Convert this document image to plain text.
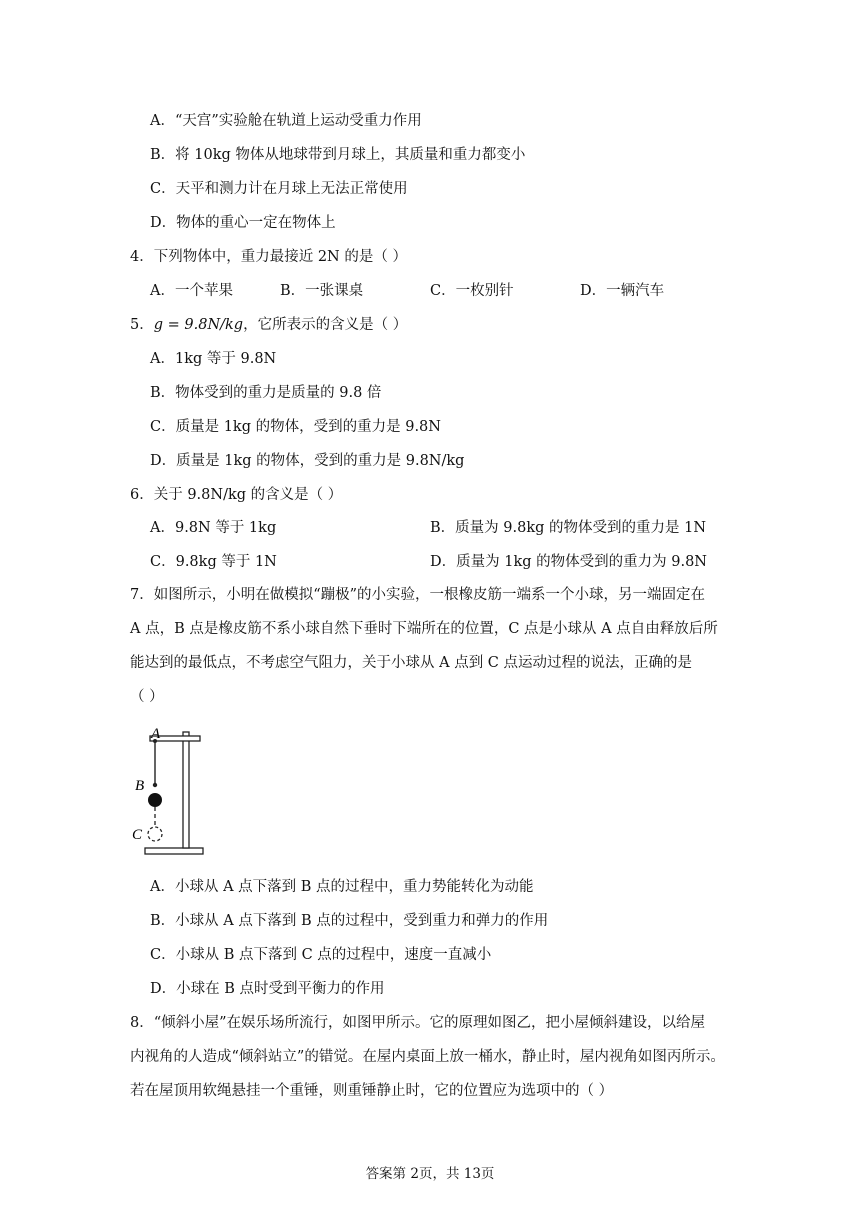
A．“天宫”实验舱在轨道上运动受重力作用
B．将 10kg 物体从地球带到月球上，其质量和重力都变小
C．天平和测力计在月球上无法正常使用
D．物体的重心一定在物体上
4．下列物体中，重力最接近 2N 的是（ ）
A．一个苹果	B．一张课桌	C．一枚别针	D．一辆汽车
5．g = 9.8N/kg，它所表示的含义是（ ）
A．1kg 等于 9.8N
B．物体受到的重力是质量的 9.8 倍
C．质量是 1kg 的物体，受到的重力是 9.8N
D．质量是 1kg 的物体，受到的重力是 9.8N/kg
6．关于 9.8N/kg 的含义是（ ）
A．9.8N 等于 1kg	B．质量为 9.8kg 的物体受到的重力是 1N
C．9.8kg 等于 1N	D．质量为 1kg 的物体受到的重力为 9.8N
7．如图所示，小明在做模拟“蹦极”的小实验，一根橡皮筋一端系一个小球，另一端固定在
A 点，B 点是橡皮筋不系小球自然下垂时下端所在的位置，C 点是小球从 A 点自由释放后所
能达到的最低点，不考虑空气阻力，关于小球从 A 点到 C 点运动过程的说法，正确的是
（ ）
A
B
C
A．小球从 A 点下落到 B 点的过程中，重力势能转化为动能
B．小球从 A 点下落到 B 点的过程中，受到重力和弹力的作用
C．小球从 B 点下落到 C 点的过程中，速度一直减小
D．小球在 B 点时受到平衡力的作用
8．“倾斜小屋”在娱乐场所流行，如图甲所示。它的原理如图乙，把小屋倾斜建设，以给屋
内视角的人造成“倾斜站立”的错觉。在屋内桌面上放一桶水，静止时，屋内视角如图丙所示。
若在屋顶用软绳悬挂一个重锤，则重锤静止时，它的位置应为选项中的（ ）
答案第 2页，共 13页
